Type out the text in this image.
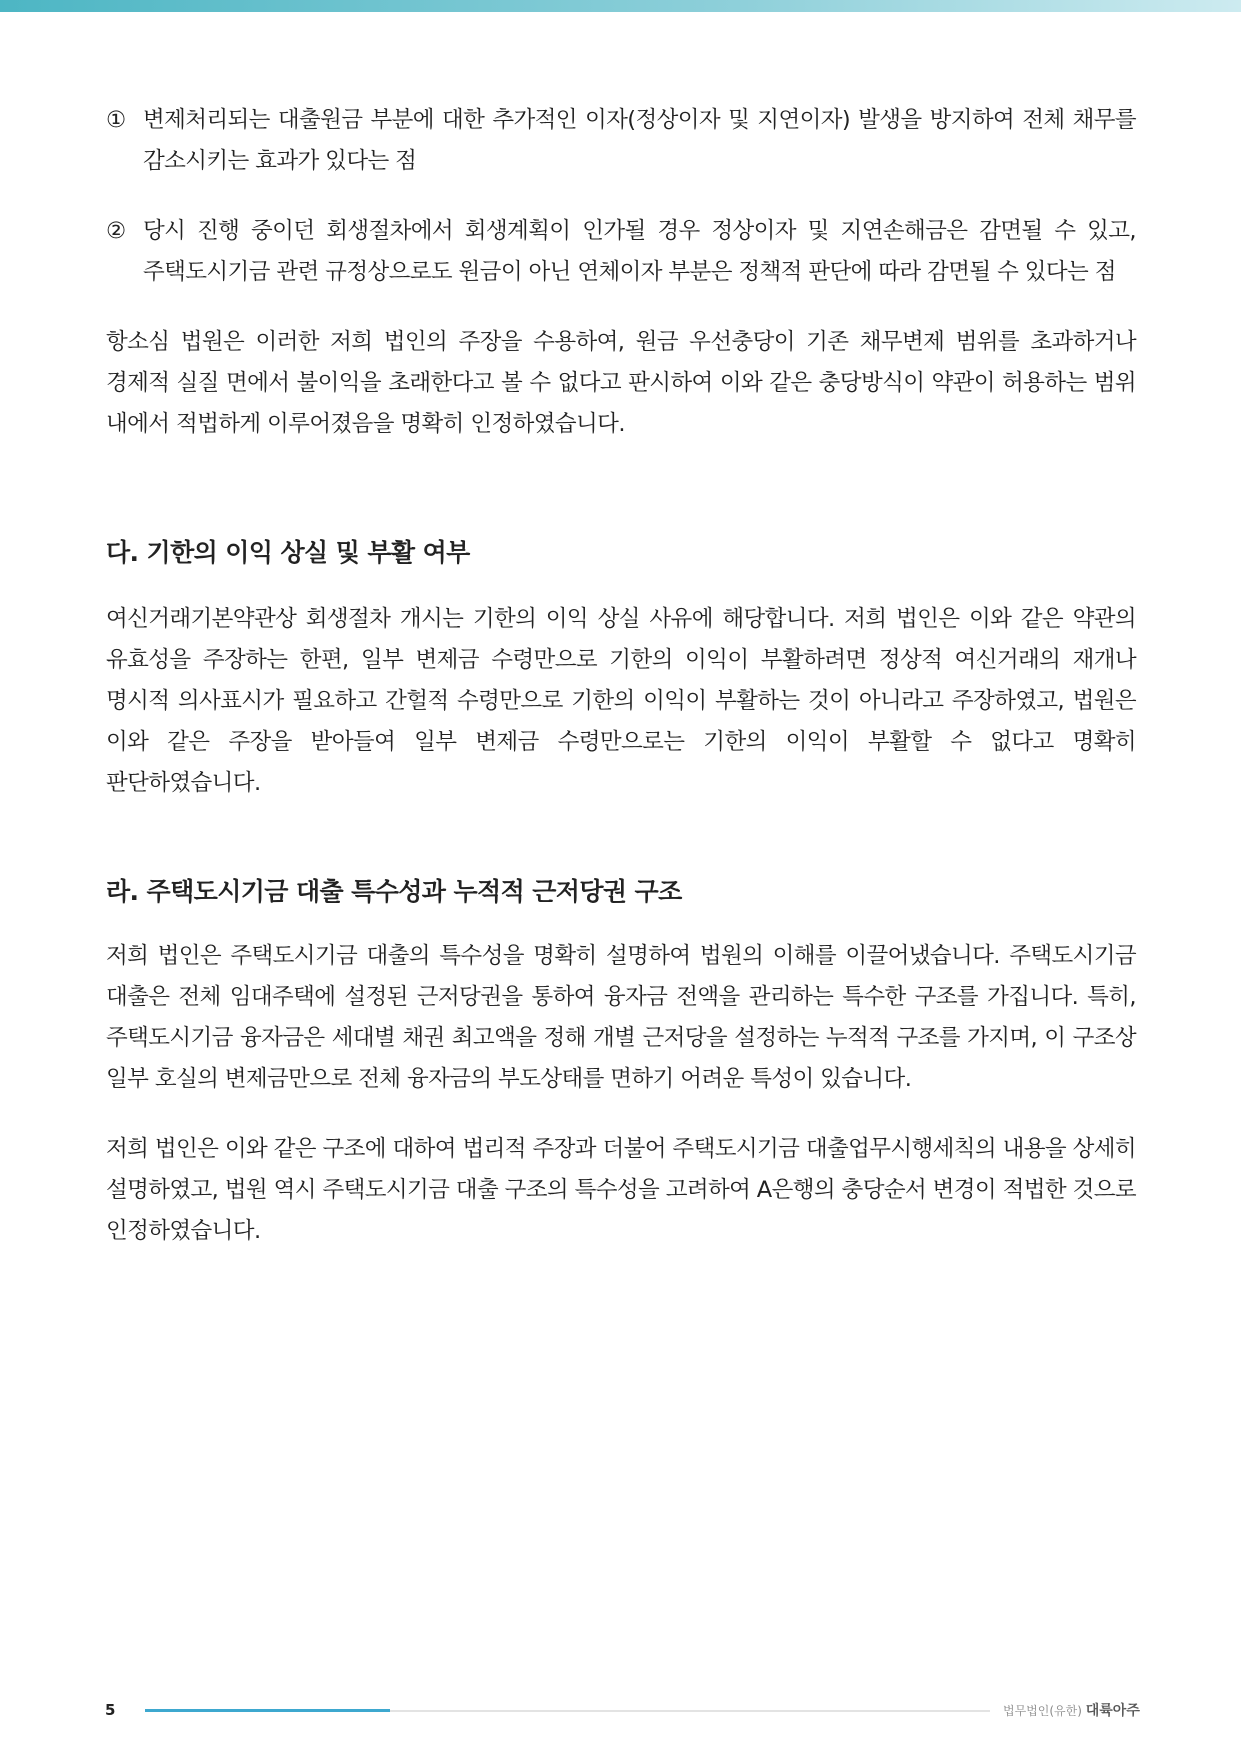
① 변제처리되는 대출원금 부분에 대한 추가적인 이자(정상이자 및 지연이자) 발생을 방지하여 전체 채무를 감소시키는 효과가 있다는 점
② 당시 진행 중이던 회생절차에서 회생계획이 인가될 경우 정상이자 및 지연손해금은 감면될 수 있고, 주택도시기금 관련 규정상으로도 원금이 아닌 연체이자 부분은 정책적 판단에 따라 감면될 수 있다는 점

항소심 법원은 이러한 저희 법인의 주장을 수용하여, 원금 우선충당이 기존 채무변제 범위를 초과하거나 경제적 실질 면에서 불이익을 초래한다고 볼 수 없다고 판시하여 이와 같은 충당방식이 약관이 허용하는 범위 내에서 적법하게 이루어졌음을 명확히 인정하였습니다.

다. 기한의 이익 상실 및 부활 여부

여신거래기본약관상 회생절차 개시는 기한의 이익 상실 사유에 해당합니다. 저희 법인은 이와 같은 약관의 유효성을 주장하는 한편, 일부 변제금 수령만으로 기한의 이익이 부활하려면 정상적 여신거래의 재개나 명시적 의사표시가 필요하고 간헐적 수령만으로 기한의 이익이 부활하는 것이 아니라고 주장하였고, 법원은 이와 같은 주장을 받아들여 일부 변제금 수령만으로는 기한의 이익이 부활할 수 없다고 명확히 판단하였습니다.

라. 주택도시기금 대출 특수성과 누적적 근저당권 구조

저희 법인은 주택도시기금 대출의 특수성을 명확히 설명하여 법원의 이해를 이끌어냈습니다. 주택도시기금 대출은 전체 임대주택에 설정된 근저당권을 통하여 융자금 전액을 관리하는 특수한 구조를 가집니다. 특히, 주택도시기금 융자금은 세대별 채권 최고액을 정해 개별 근저당을 설정하는 누적적 구조를 가지며, 이 구조상 일부 호실의 변제금만으로 전체 융자금의 부도상태를 면하기 어려운 특성이 있습니다.

저희 법인은 이와 같은 구조에 대하여 법리적 주장과 더불어 주택도시기금 대출업무시행세칙의 내용을 상세히 설명하였고, 법원 역시 주택도시기금 대출 구조의 특수성을 고려하여 A은행의 충당순서 변경이 적법한 것으로 인정하였습니다.

5	법무법인(유한) 대륙아주
